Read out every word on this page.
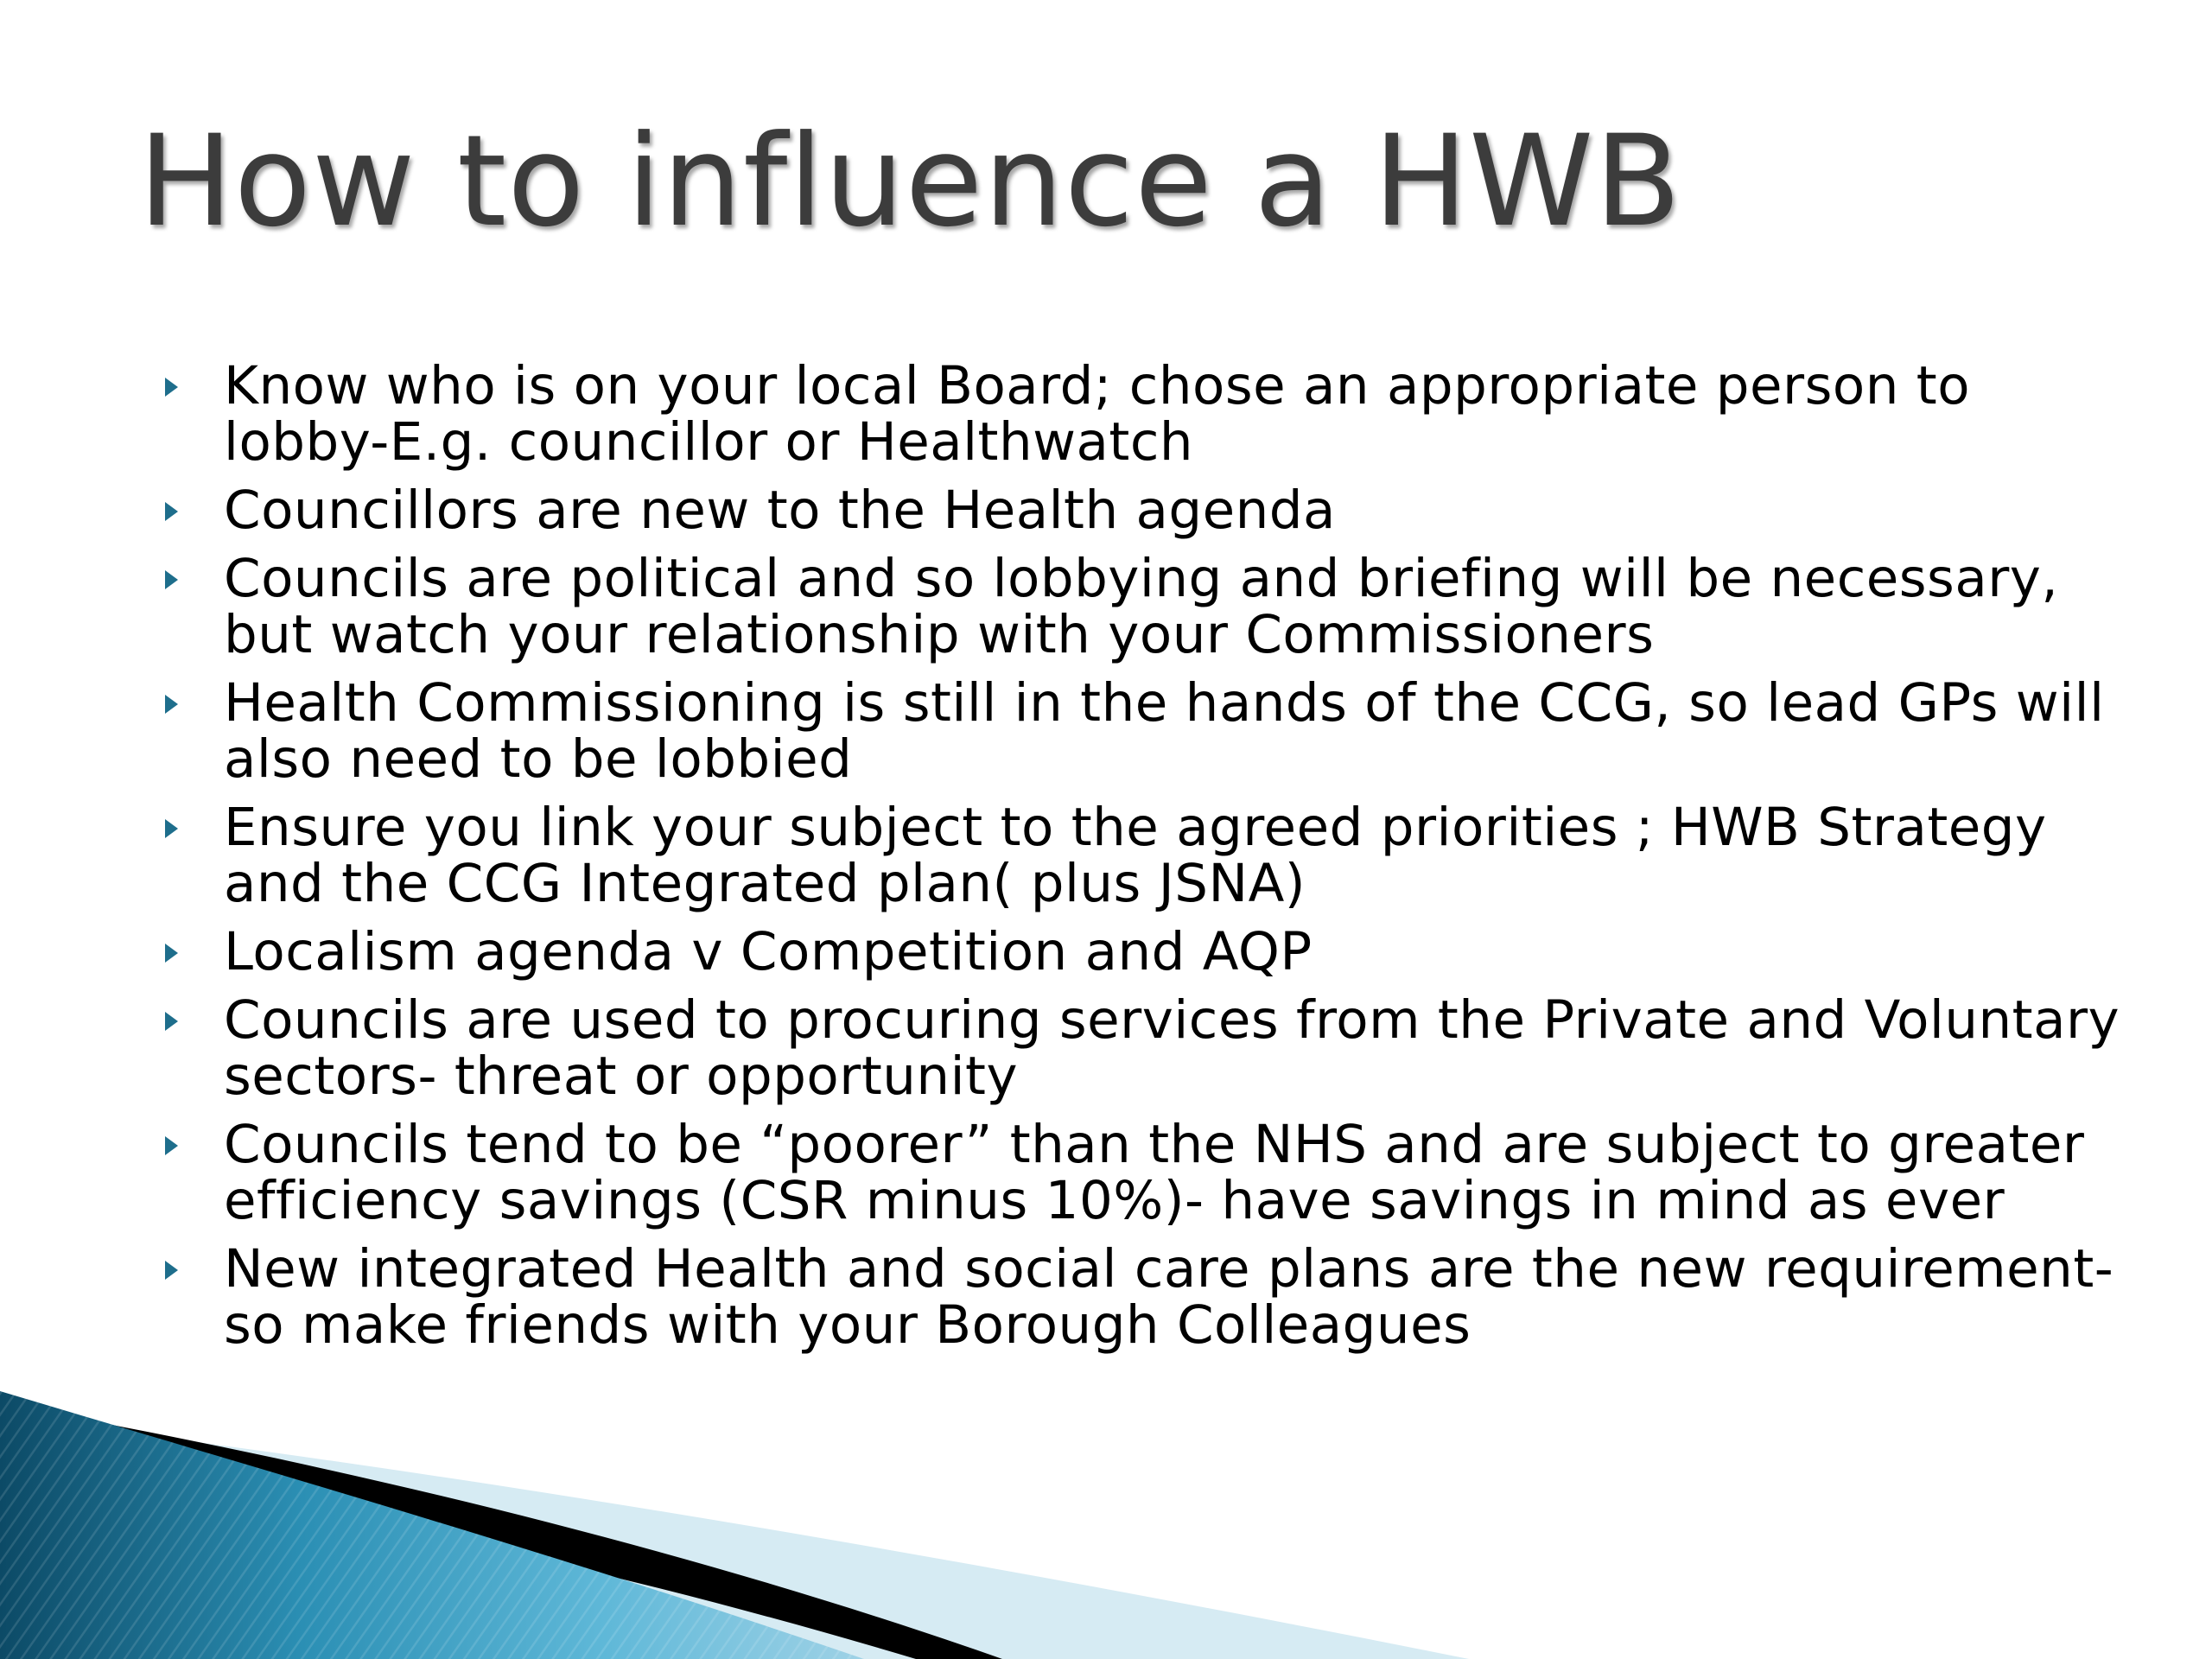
How to influence a HWB
Know who is on your local Board; chose an appropriate person to lobby-E.g. councillor or Healthwatch
Councillors are new to the Health agenda
Councils are political and so lobbying and briefing will be necessary, but watch your relationship with your Commissioners
Health Commissioning is still in the hands of the CCG, so lead GPs will also need to be lobbied
Ensure you link your subject to the agreed priorities ; HWB Strategy and the CCG Integrated plan( plus JSNA)
Localism agenda v Competition and AQP
Councils are used to procuring services from the Private and Voluntary sectors- threat or opportunity
Councils tend to be “poorer” than the NHS and are subject to greater efficiency savings (CSR minus 10%)- have savings in mind as ever
New integrated Health and social care plans are the new requirement- so make friends with your Borough Colleagues
